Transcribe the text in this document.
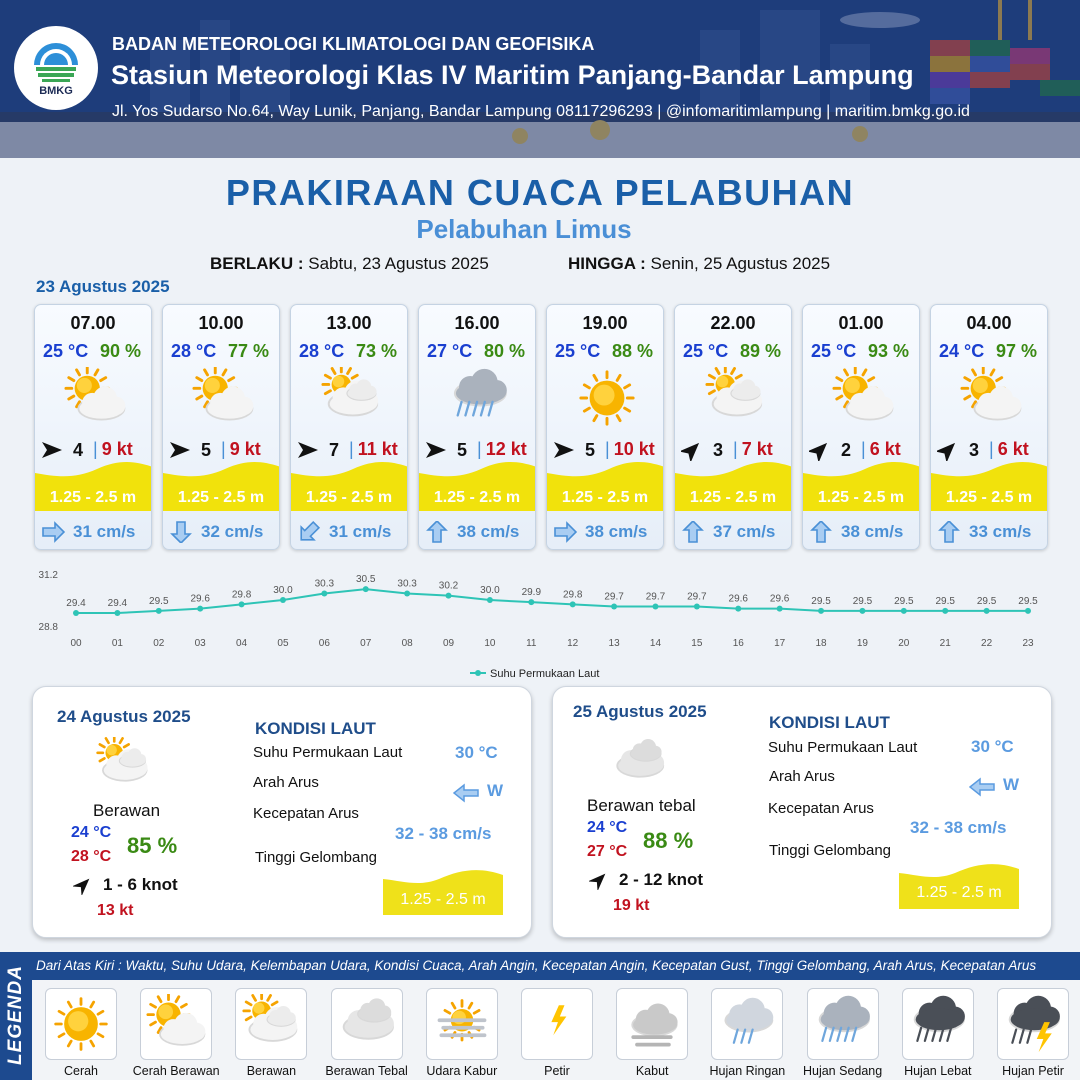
BMKG
BADAN METEOROLOGI KLIMATOLOGI DAN GEOFISIKA
Stasiun Meteorologi Klas IV Maritim Panjang-Bandar Lampung
Jl. Yos Sudarso No.64, Way Lunik, Panjang, Bandar Lampung 08117296293 | @infomaritimlampung | maritim.bmkg.go.id
PRAKIRAAN CUACA PELABUHAN
Pelabuhan Limus
BERLAKU : Sabtu, 23 Agustus 2025	HINGGA : Senin, 25 Agustus 2025
23 Agustus 2025
07.00
25 °C 90 %
4 | 9 kt
1.25 - 2.5 m
31 cm/s
10.00
28 °C 77 %
5 | 9 kt
1.25 - 2.5 m
32 cm/s
13.00
28 °C 73 %
7 | 11 kt
1.25 - 2.5 m
31 cm/s
16.00
27 °C 80 %
5 | 12 kt
1.25 - 2.5 m
38 cm/s
19.00
25 °C 88 %
5 | 10 kt
1.25 - 2.5 m
38 cm/s
22.00
25 °C 89 %
3 | 7 kt
1.25 - 2.5 m
37 cm/s
01.00
25 °C 93 %
2 | 6 kt
1.25 - 2.5 m
38 cm/s
04.00
24 °C 97 %
3 | 6 kt
1.25 - 2.5 m
33 cm/s
31.2
28.8
29.4
00
29.4
01
29.5
02
29.6
03
29.8
04
30.0
05
30.3
06
30.5
07
30.3
08
30.2
09
30.0
10
29.9
11
29.8
12
29.7
13
29.7
14
29.7
15
29.6
16
29.6
17
29.5
18
29.5
19
29.5
20
29.5
21
29.5
22
29.5
23
Suhu Permukaan Laut
24 Agustus 2025
Berawan
24 °C
28 °C 85 %
1 - 6 knot
13 kt
KONDISI LAUT
Suhu Permukaan Laut	30 °C
Arah Arus	W
Kecepatan Arus
32 - 38 cm/s
Tinggi Gelombang
1.25 - 2.5 m
25 Agustus 2025
Berawan tebal
24 °C
27 °C 88 %
2 - 12 knot
19 kt
KONDISI LAUT
Suhu Permukaan Laut	30 °C
Arah Arus	W
Kecepatan Arus
32 - 38 cm/s
Tinggi Gelombang
1.25 - 2.5 m
LEGENDA
Cerah	Cerah Berawan	Berawan	Berawan Tebal	Udara Kabur	Petir	Kabut	Hujan Ringan	Hujan Sedang	Hujan Lebat	Hujan Petir
Dari Atas Kiri : Waktu, Suhu Udara, Kelembapan Udara, Kondisi Cuaca, Arah Angin, Kecepatan Angin, Kecepatan Gust, Tinggi Gelombang, Arah Arus, Kecepatan Arus
